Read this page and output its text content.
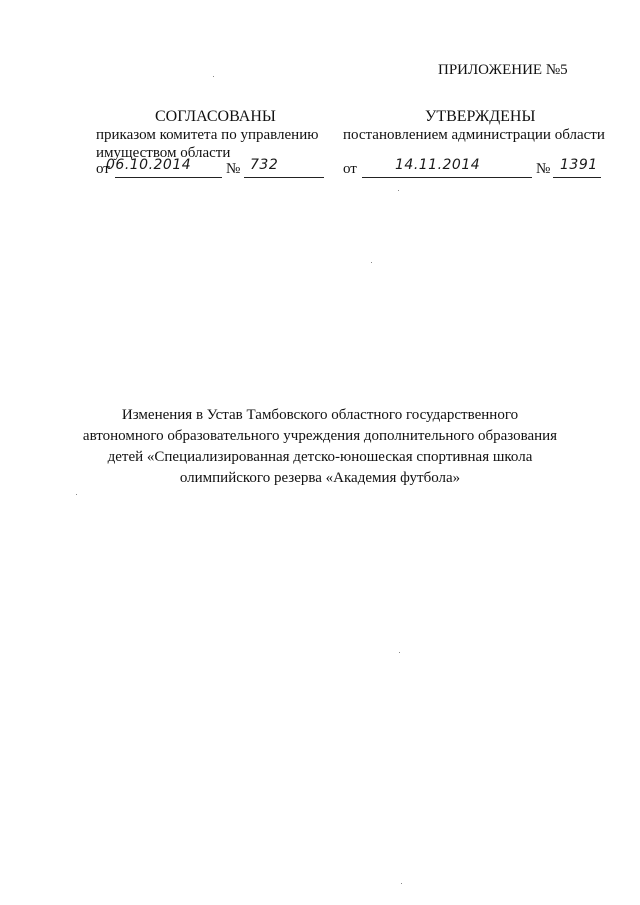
ПРИЛОЖЕНИЕ №5
СОГЛАСОВАНЫ
приказом комитета по управлению
имуществом области
от
06.10.2014 № 732
УТВЕРЖДЕНЫ
постановлением администрации области
от	14.11.2014	№ 1391
Изменения в Устав Тамбовского областного государственного
автономного образовательного учреждения дополнительного образования
детей «Специализированная детско-юношеская спортивная школа
олимпийского резерва «Академия футбола»
